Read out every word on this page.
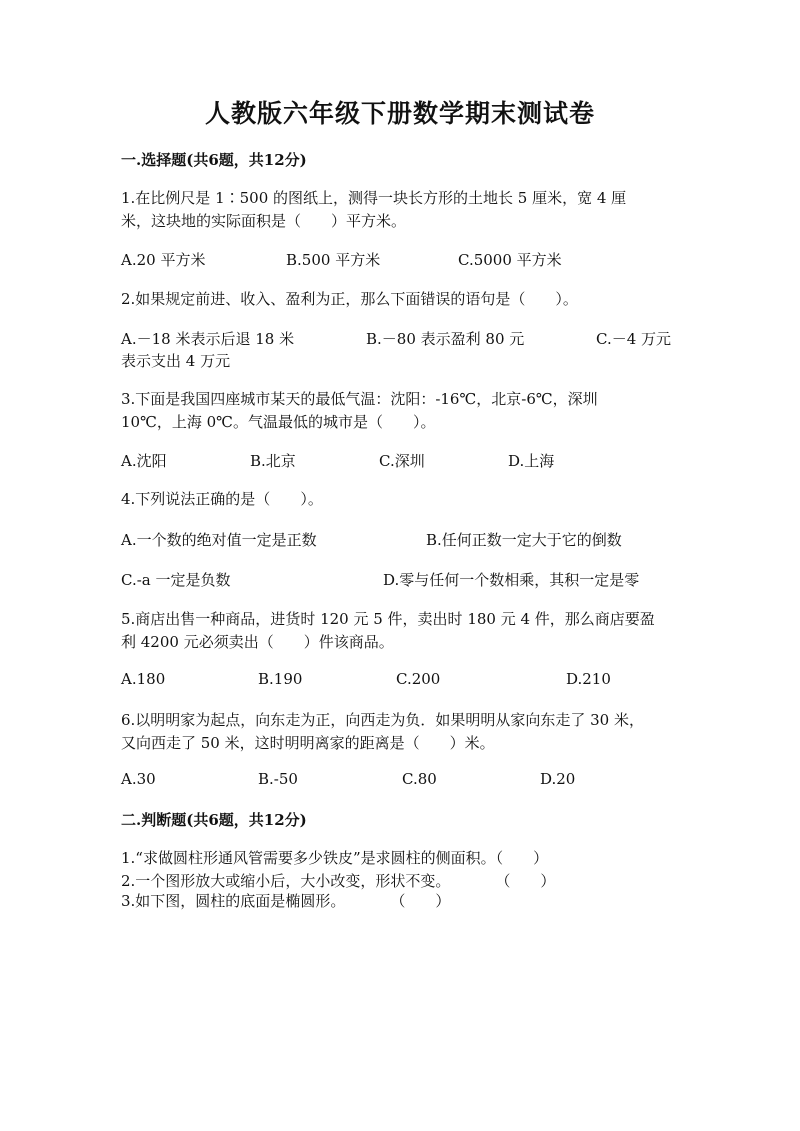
人教版六年级下册数学期末测试卷
一.选择题(共6题，共12分)
1.在比例尺是 1∶500 的图纸上，测得一块长方形的土地长 5 厘米，宽 4 厘
米，这块地的实际面积是（　　）平方米。
A.20 平方米	B.500 平方米	C.5000 平方米
2.如果规定前进、收入、盈利为正，那么下面错误的语句是（　　）。
A.－18 米表示后退 18 米	B.－80 表示盈利 80 元	C.－4 万元
表示支出 4 万元
3.下面是我国四座城市某天的最低气温：沈阳：-16℃，北京-6℃，深圳
10℃，上海 0℃。气温最低的城市是（　　）。
A.沈阳	B.北京	C.深圳	D.上海
4.下列说法正确的是（　　）。
A.一个数的绝对值一定是正数	B.任何正数一定大于它的倒数
C.-a 一定是负数	D.零与任何一个数相乘，其积一定是零
5.商店出售一种商品，进货时 120 元 5 件，卖出时 180 元 4 件，那么商店要盈
利 4200 元必须卖出（　　）件该商品。
A.180	B.190	C.200	D.210
6.以明明家为起点，向东走为正，向西走为负．如果明明从家向东走了 30 米，
又向西走了 50 米，这时明明离家的距离是（　　）米。
A.30	B.-50	C.80	D.20
二.判断题(共6题，共12分)
1.“求做圆柱形通风管需要多少铁皮”是求圆柱的侧面积。（　　）
2.一个图形放大或缩小后，大小改变，形状不变。　　　　（　　）
3.如下图，圆柱的底面是椭圆形。　　　　（　　）
